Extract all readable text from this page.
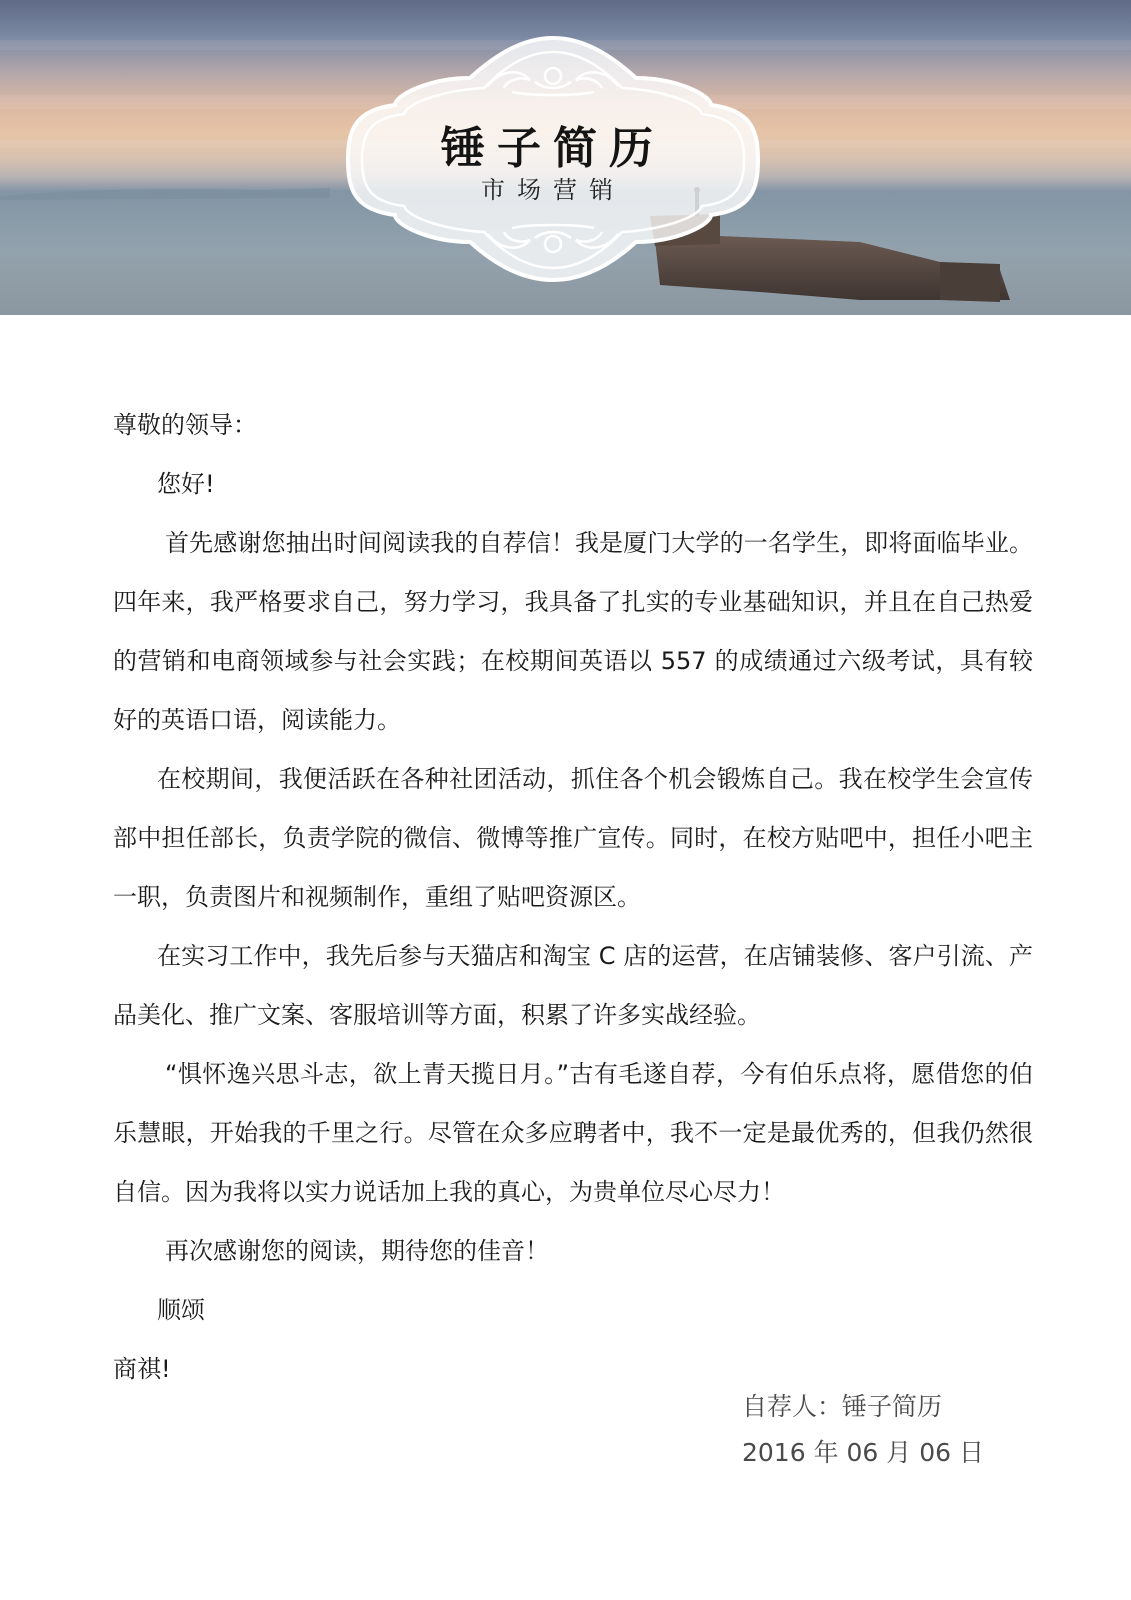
锤子简历
市场营销

尊敬的领导：

您好!

首先感谢您抽出时间阅读我的自荐信！我是厦门大学的一名学生，即将面临毕业。四年来，我严格要求自己，努力学习，我具备了扎实的专业基础知识，并且在自己热爱的营销和电商领域参与社会实践；在校期间英语以 557 的成绩通过六级考试，具有较好的英语口语，阅读能力。

在校期间，我便活跃在各种社团活动，抓住各个机会锻炼自己。我在校学生会宣传部中担任部长，负责学院的微信、微博等推广宣传。同时，在校方贴吧中，担任小吧主一职，负责图片和视频制作，重组了贴吧资源区。

在实习工作中，我先后参与天猫店和淘宝 C 店的运营，在店铺装修、客户引流、产品美化、推广文案、客服培训等方面，积累了许多实战经验。

“惧怀逸兴思斗志，欲上青天揽日月。”古有毛遂自荐，今有伯乐点将，愿借您的伯乐慧眼，开始我的千里之行。尽管在众多应聘者中，我不一定是最优秀的，但我仍然很自信。因为我将以实力说话加上我的真心，为贵单位尽心尽力！

再次感谢您的阅读，期待您的佳音！

顺颂

商祺!

自荐人：锤子简历
2016 年 06 月 06 日
